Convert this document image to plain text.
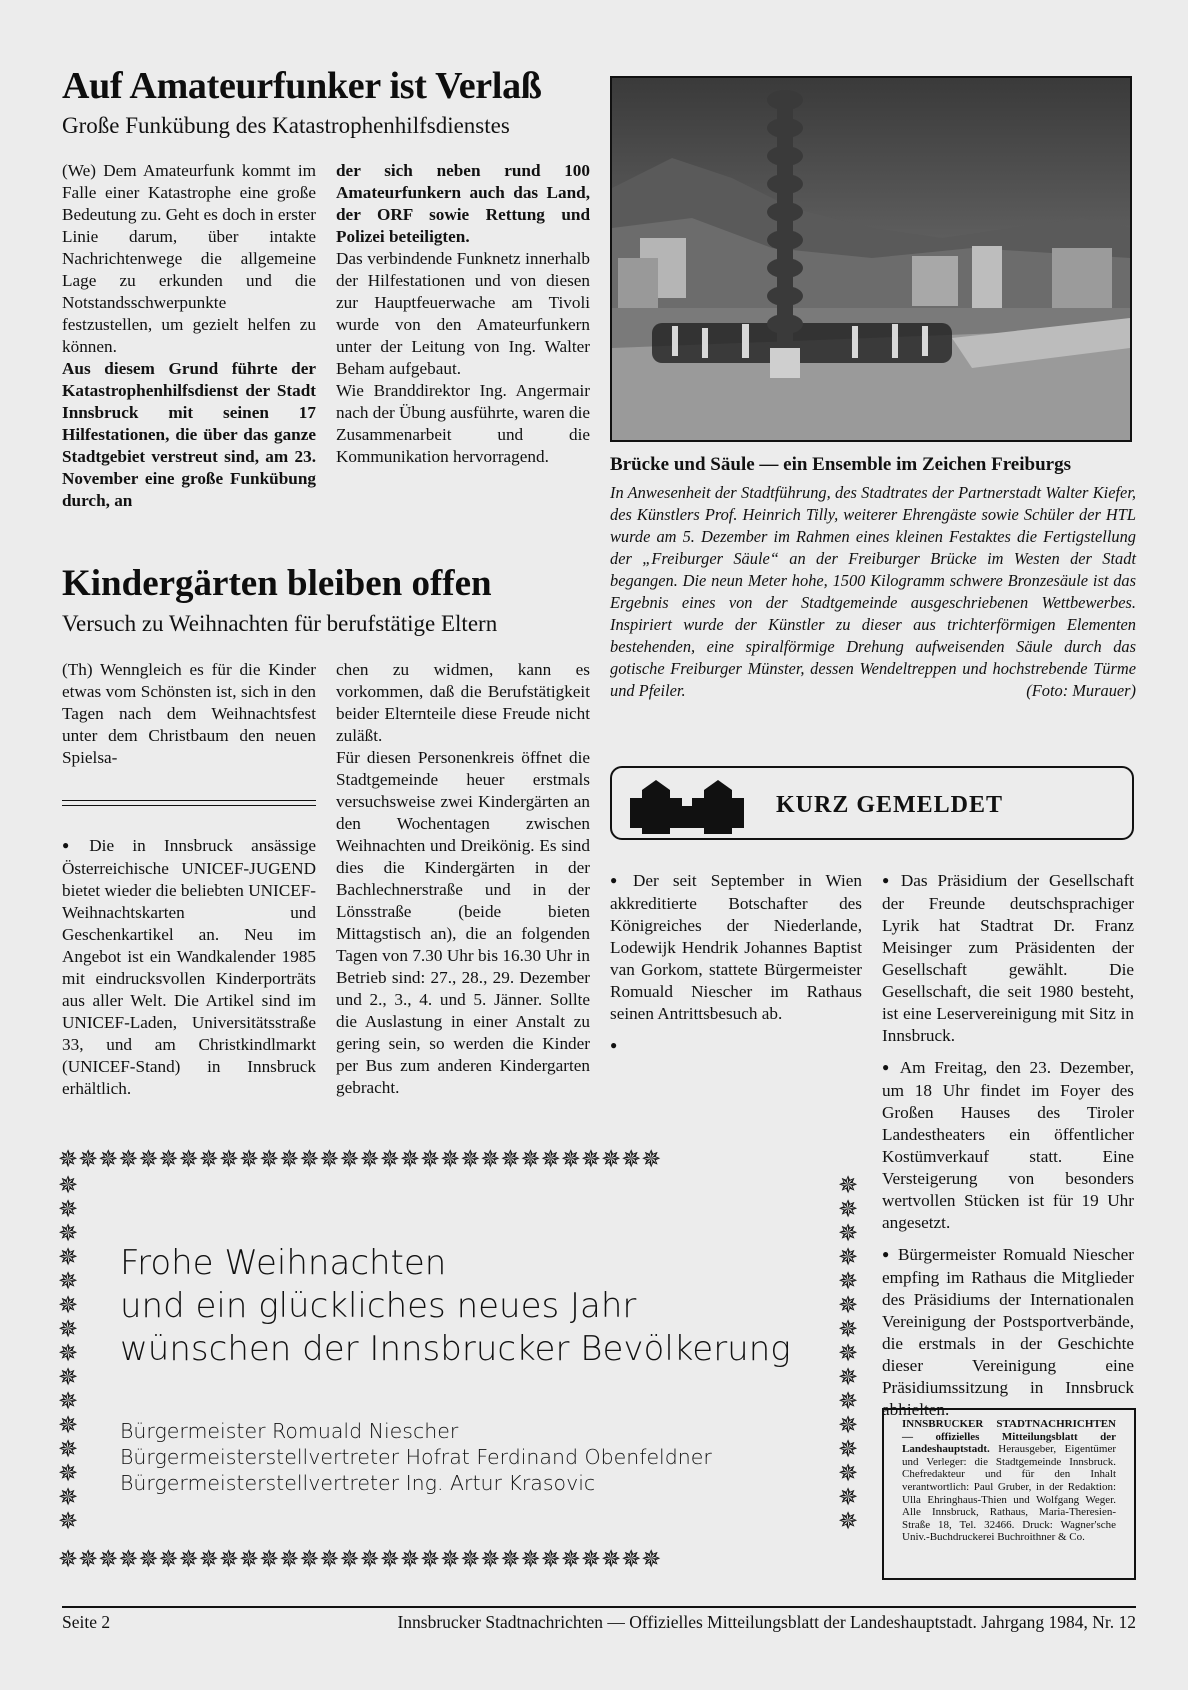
Auf Amateurfunker ist Verlaß
Große Funkübung des Katastrophenhilfsdienstes

(We) Dem Amateurfunk kommt im Falle einer Katastrophe eine große Bedeutung zu. Geht es doch in erster Linie darum, über intakte Nachrichtenwege die allgemeine Lage zu erkunden und die Notstandsschwerpunkte festzustellen, um gezielt helfen zu können.

Aus diesem Grund führte der Katastrophenhilfsdienst der Stadt Innsbruck mit seinen 17 Hilfestationen, die über das ganze Stadtgebiet verstreut sind, am 23. November eine große Funkübung durch, an

der sich neben rund 100 Amateurfunkern auch das Land, der ORF sowie Rettung und Polizei beteiligten.

Das verbindende Funknetz innerhalb der Hilfestationen und von diesen zur Hauptfeuerwache am Tivoli wurde von den Amateurfunkern unter der Leitung von Ing. Walter Beham aufgebaut.

Wie Branddirektor Ing. Angermair nach der Übung ausführte, waren die Zusammenarbeit und die Kommunikation hervorragend.

Kindergärten bleiben offen
Versuch zu Weihnachten für berufstätige Eltern

(Th) Wenngleich es für die Kinder etwas vom Schönsten ist, sich in den Tagen nach dem Weihnachtsfest unter dem Christbaum den neuen Spielsa-

● Die in Innsbruck ansässige Österreichische UNICEF-JUGEND bietet wieder die beliebten UNICEF-Weihnachtskarten und Geschenkartikel an. Neu im Angebot ist ein Wandkalender 1985 mit eindrucksvollen Kinderporträts aus aller Welt. Die Artikel sind im UNICEF-Laden, Universitätsstraße 33, und am Christkindlmarkt (UNICEF-Stand) in Innsbruck erhältlich.

chen zu widmen, kann es vorkommen, daß die Berufstätigkeit beider Elternteile diese Freude nicht zuläßt.

Für diesen Personenkreis öffnet die Stadtgemeinde heuer erstmals versuchsweise zwei Kindergärten an den Wochentagen zwischen Weihnachten und Dreikönig. Es sind dies die Kindergärten in der Bachlechnerstraße und in der Lönsstraße (beide bieten Mittagstisch an), die an folgenden Tagen von 7.30 Uhr bis 16.30 Uhr in Betrieb sind: 27., 28., 29. Dezember und 2., 3., 4. und 5. Jänner. Sollte die Auslastung in einer Anstalt zu gering sein, so werden die Kinder per Bus zum anderen Kindergarten gebracht.

Brücke und Säule — ein Ensemble im Zeichen Freiburgs
In Anwesenheit der Stadtführung, des Stadtrates der Partnerstadt Walter Kiefer, des Künstlers Prof. Heinrich Tilly, weiterer Ehrengäste sowie Schüler der HTL wurde am 5. Dezember im Rahmen eines kleinen Festaktes die Fertigstellung der „Freiburger Säule“ an der Freiburger Brücke im Westen der Stadt begangen. Die neun Meter hohe, 1500 Kilogramm schwere Bronzesäule ist das Ergebnis eines von der Stadtgemeinde ausgeschriebenen Wettbewerbes. Inspiriert wurde der Künstler zu dieser aus trichterförmigen Elementen bestehenden, eine spiralförmige Drehung aufweisenden Säule durch das gotische Freiburger Münster, dessen Wendeltreppen und hochstrebende Türme und Pfeiler.	(Foto: Murauer)
KURZ GEMELDET

● Der seit September in Wien akkreditierte Botschafter des Königreiches der Niederlande, Lodewijk Hendrik Johannes Baptist van Gorkom, stattete Bürgermeister Romuald Niescher im Rathaus seinen Antrittsbesuch ab.

●

● Das Präsidium der Gesellschaft der Freunde deutschsprachiger Lyrik hat Stadtrat Dr. Franz Meisinger zum Präsidenten der Gesellschaft gewählt. Die Gesellschaft, die seit 1980 besteht, ist eine Leservereinigung mit Sitz in Innsbruck.

● Am Freitag, den 23. Dezember, um 18 Uhr findet im Foyer des Großen Hauses des Tiroler Landestheaters ein öffentlicher Kostümverkauf statt. Eine Versteigerung von besonders wertvollen Stücken ist für 19 Uhr angesetzt.

● Bürgermeister Romuald Niescher empfing im Rathaus die Mitglieder des Präsidiums der Internationalen Vereinigung der Postsportverbände, die erstmals in der Geschichte dieser Vereinigung eine Präsidiumssitzung in Innsbruck abhielten.

✵✵✵✵✵✵✵✵✵✵✵✵✵✵✵✵✵✵✵✵✵✵✵✵✵✵✵✵✵✵
✵✵✵✵✵✵✵✵✵✵✵✵✵✵✵✵✵✵✵✵✵✵✵✵✵✵✵✵✵✵
✵
✵
✵
✵
✵
✵
✵
✵
✵
✵
✵
✵
✵
✵
✵

✵
✵
✵
✵
✵
✵
✵
✵
✵
✵
✵
✵
✵
✵
✵

Frohe Weihnachten
und ein glückliches neues Jahr
wünschen der Innsbrucker Bevölkerung
Bürgermeister Romuald Niescher
Bürgermeisterstellvertreter Hofrat Ferdinand Obenfeldner
Bürgermeisterstellvertreter Ing. Artur Krasovic
INNSBRUCKER STADTNACHRICHTEN — offizielles Mitteilungsblatt der Landeshauptstadt. Herausgeber, Eigentümer und Verleger: die Stadtgemeinde Innsbruck. Chefredakteur und für den Inhalt verantwortlich: Paul Gruber, in der Redaktion: Ulla Ehringhaus-Thien und Wolfgang Weger. Alle Innsbruck, Rathaus, Maria-Theresien-Straße 18, Tel. 32466. Druck: Wagner'sche Univ.-Buchdruckerei Buchroithner & Co.
Seite 2	Innsbrucker Stadtnachrichten — Offizielles Mitteilungsblatt der Landeshauptstadt. Jahrgang 1984, Nr. 12
